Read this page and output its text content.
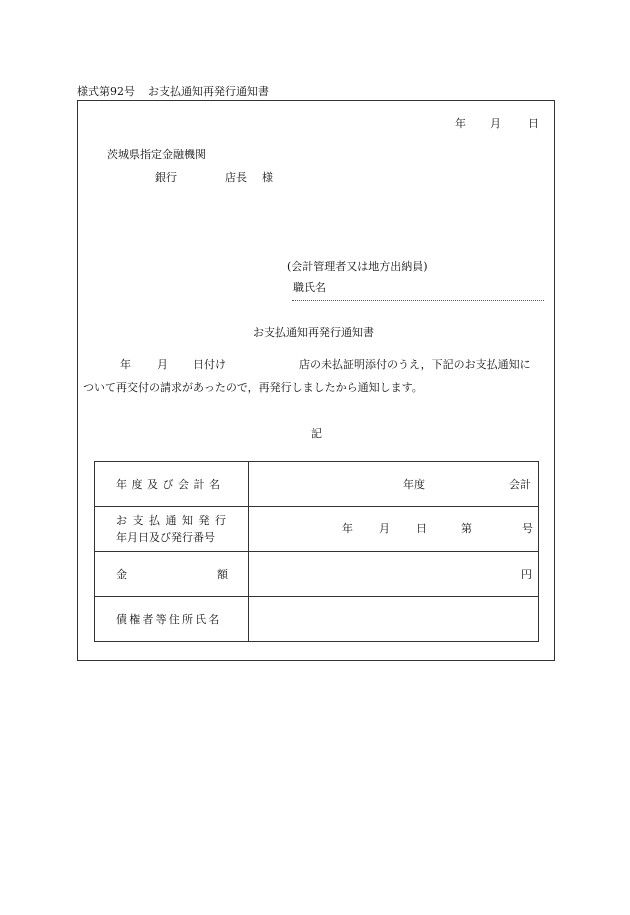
様式第92号 お支払通知再発行通知書
年 月 日
茨城県指定金融機関
銀行	店長 様
(会計管理者又は地方出納員)
職氏名
お支払通知再発行通知書
年 月 日付け	店の未払証明添付のうえ，下記のお支払通知に
ついて再交付の請求があったので，再発行しましたから通知します。
記
年度及び会計名	年度 会計

お支払通知発行
年月日及び発行番号	年 月 日 第 号

金 額	円

債権者等住所氏名	
